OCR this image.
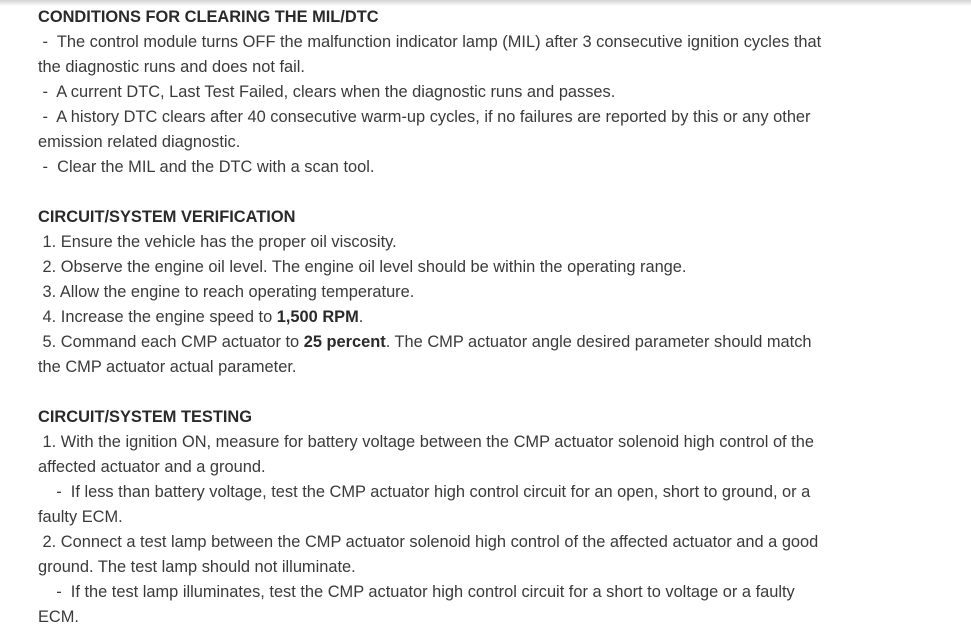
CONDITIONS FOR CLEARING THE MIL/DTC

-  The control module turns OFF the malfunction indicator lamp (MIL) after 3 consecutive ignition cycles that the diagnostic runs and does not fail.

-  A current DTC, Last Test Failed, clears when the diagnostic runs and passes.

-  A history DTC clears after 40 consecutive warm-up cycles, if no failures are reported by this or any other emission related diagnostic.

-  Clear the MIL and the DTC with a scan tool.

CIRCUIT/SYSTEM VERIFICATION

1. Ensure the vehicle has the proper oil viscosity.

2. Observe the engine oil level. The engine oil level should be within the operating range.

3. Allow the engine to reach operating temperature.

4. Increase the engine speed to 1,500 RPM.

5. Command each CMP actuator to 25 percent. The CMP actuator angle desired parameter should match the CMP actuator actual parameter.

CIRCUIT/SYSTEM TESTING

1. With the ignition ON, measure for battery voltage between the CMP actuator solenoid high control of the affected actuator and a ground.

-  If less than battery voltage, test the CMP actuator high control circuit for an open, short to ground, or a faulty ECM.

2. Connect a test lamp between the CMP actuator solenoid high control of the affected actuator and a good ground. The test lamp should not illuminate.

-  If the test lamp illuminates, test the CMP actuator high control circuit for a short to voltage or a faulty ECM.
